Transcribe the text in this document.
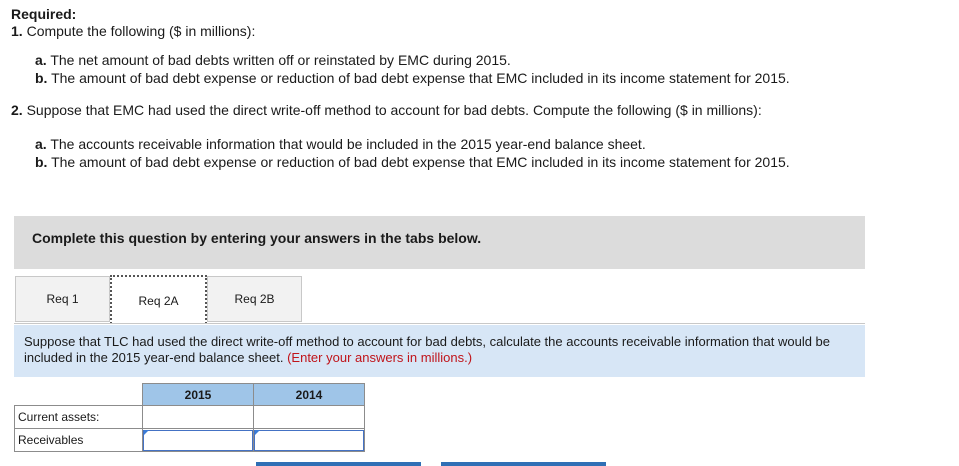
Required:
1. Compute the following ($ in millions):
a. The net amount of bad debts written off or reinstated by EMC during 2015.
b. The amount of bad debt expense or reduction of bad debt expense that EMC included in its income statement for 2015.
2. Suppose that EMC had used the direct write-off method to account for bad debts. Compute the following ($ in millions):
a. The accounts receivable information that would be included in the 2015 year-end balance sheet.
b. The amount of bad debt expense or reduction of bad debt expense that EMC included in its income statement for 2015.
Complete this question by entering your answers in the tabs below.
Req 1	Req 2A	Req 2B
Suppose that TLC had used the direct write-off method to account for bad debts, calculate the accounts receivable information that would be included in the 2015 year-end balance sheet. (Enter your answers in millions.)
	2015	2014
Current assets:		
Receivables	
